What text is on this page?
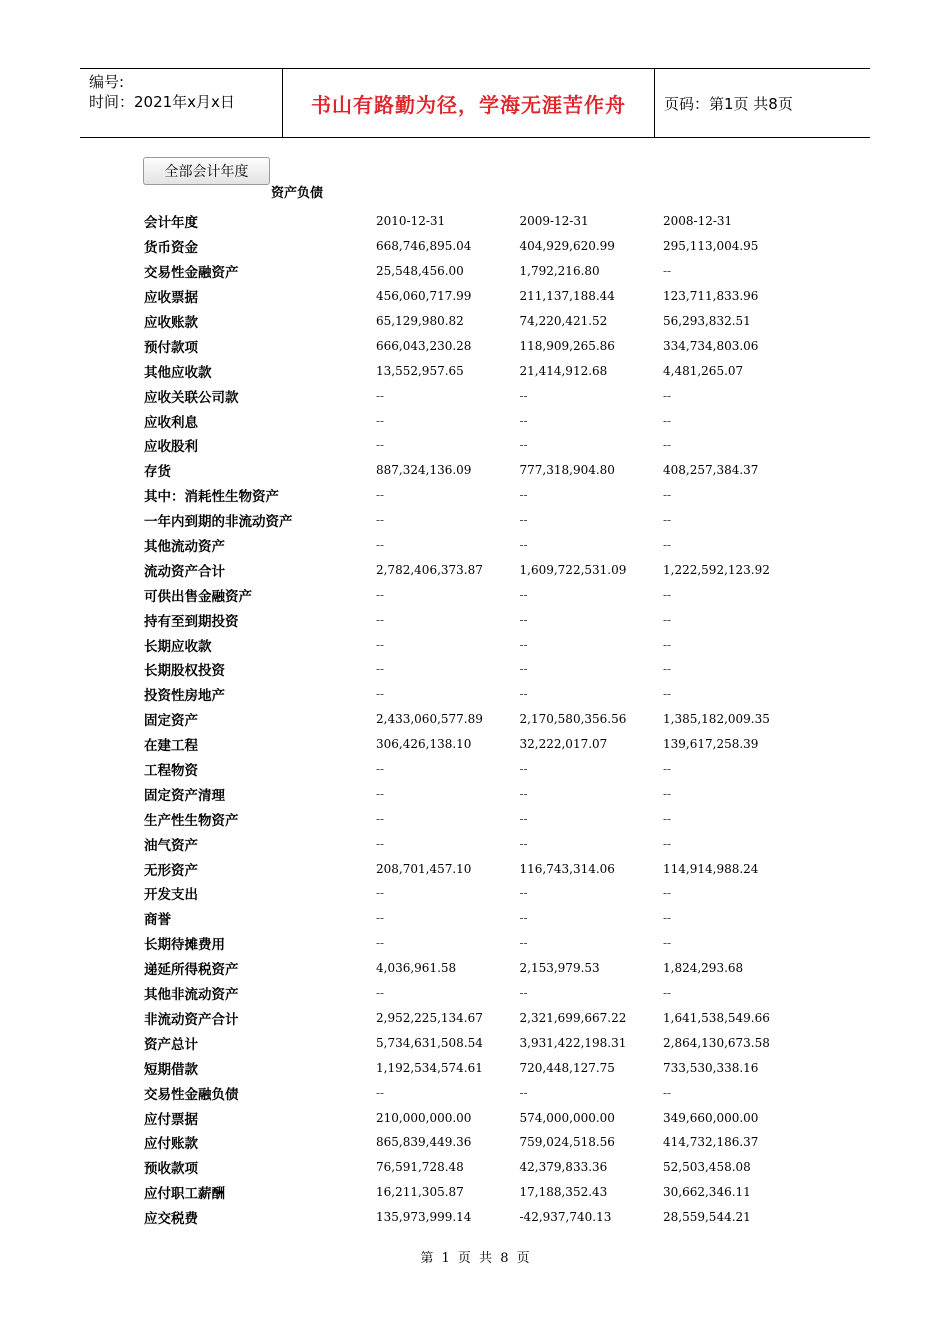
编号:
时间：2021年x月x日	书山有路勤为径，学海无涯苦作舟	页码：第1页 共8页
全部会计年度
资产负债
会计年度	2010-12-31	2009-12-31	2008-12-31
货币资金	668,746,895.04	404,929,620.99	295,113,004.95
交易性金融资产	25,548,456.00	1,792,216.80	--
应收票据	456,060,717.99	211,137,188.44	123,711,833.96
应收账款	65,129,980.82	74,220,421.52	56,293,832.51
预付款项	666,043,230.28	118,909,265.86	334,734,803.06
其他应收款	13,552,957.65	21,414,912.68	4,481,265.07
应收关联公司款	--	--	--
应收利息	--	--	--
应收股利	--	--	--
存货	887,324,136.09	777,318,904.80	408,257,384.37
其中：消耗性生物资产	--	--	--
一年内到期的非流动资产	--	--	--
其他流动资产	--	--	--
流动资产合计	2,782,406,373.87	1,609,722,531.09	1,222,592,123.92
可供出售金融资产	--	--	--
持有至到期投资	--	--	--
长期应收款	--	--	--
长期股权投资	--	--	--
投资性房地产	--	--	--
固定资产	2,433,060,577.89	2,170,580,356.56	1,385,182,009.35
在建工程	306,426,138.10	32,222,017.07	139,617,258.39
工程物资	--	--	--
固定资产清理	--	--	--
生产性生物资产	--	--	--
油气资产	--	--	--
无形资产	208,701,457.10	116,743,314.06	114,914,988.24
开发支出	--	--	--
商誉	--	--	--
长期待摊费用	--	--	--
递延所得税资产	4,036,961.58	2,153,979.53	1,824,293.68
其他非流动资产	--	--	--
非流动资产合计	2,952,225,134.67	2,321,699,667.22	1,641,538,549.66
资产总计	5,734,631,508.54	3,931,422,198.31	2,864,130,673.58
短期借款	1,192,534,574.61	720,448,127.75	733,530,338.16
交易性金融负债	--	--	--
应付票据	210,000,000.00	574,000,000.00	349,660,000.00
应付账款	865,839,449.36	759,024,518.56	414,732,186.37
预收款项	76,591,728.48	42,379,833.36	52,503,458.08
应付职工薪酬	16,211,305.87	17,188,352.43	30,662,346.11
应交税费	135,973,999.14	-42,937,740.13	28,559,544.21
第 1 页 共 8 页
